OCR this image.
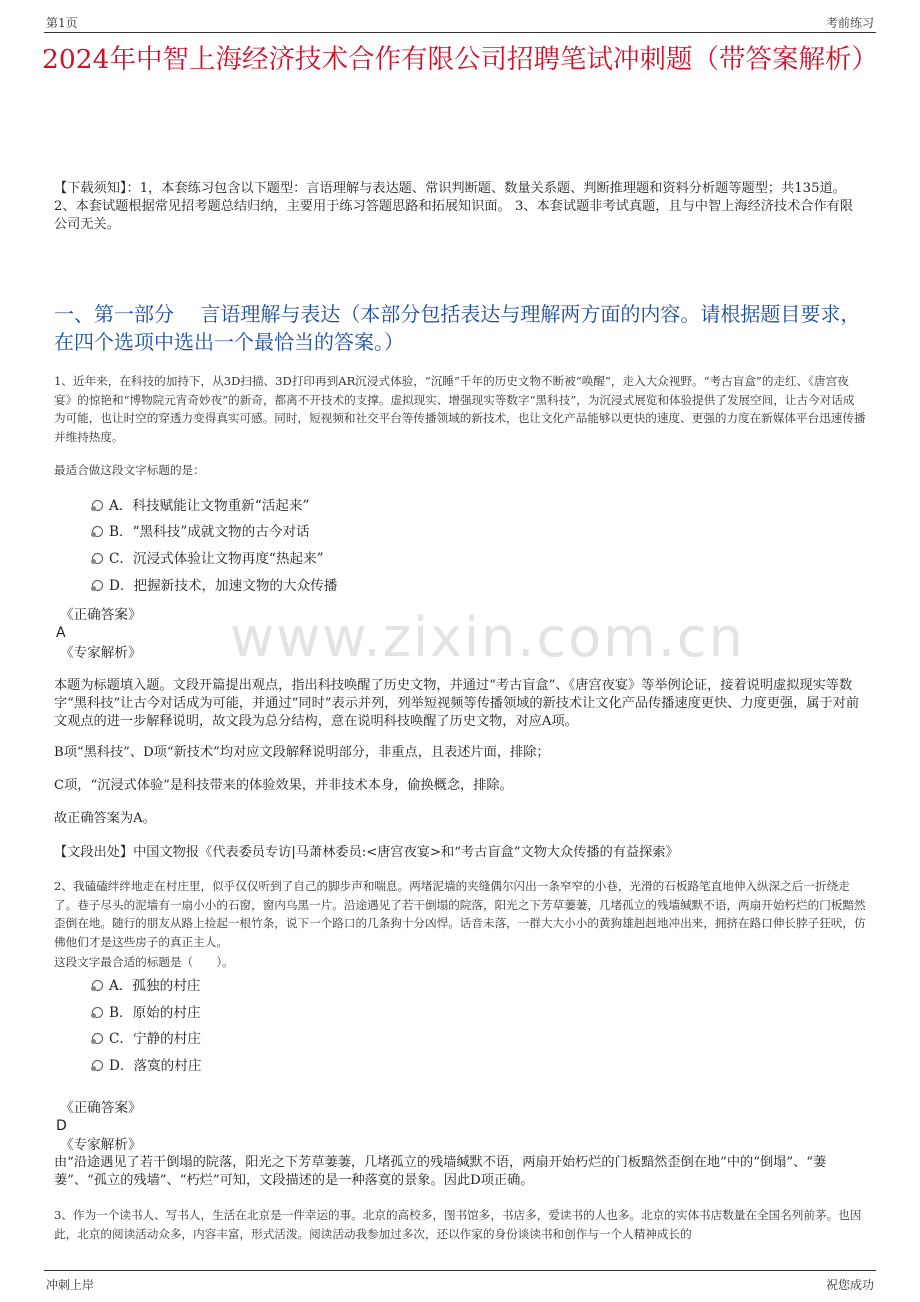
第1页	考前练习
2024年中智上海经济技术合作有限公司招聘笔试冲刺题（带答案解析）
【下载须知】：1，本套练习包含以下题型：言语理解与表达题、常识判断题、数量关系题、判断推理题和资料分析题等题型；共135道。 2、本套试题根据常见招考题总结归纳，主要用于练习答题思路和拓展知识面。 3、本套试题非考试真题，且与中智上海经济技术合作有限公司无关。
一、第一部分　 言语理解与表达（本部分包括表达与理解两方面的内容。请根据题目要求，在四个选项中选出一个最恰当的答案。）
www.zixin.com.cn
1、近年来，在科技的加持下，从3D扫描、3D打印再到AR沉浸式体验，“沉睡”千年的历史文物不断被“唤醒”，走入大众视野。“考古盲盒”的走红、《唐宫夜宴》的惊艳和“博物院元宵奇妙夜”的新奇，都离不开技术的支撑。虚拟现实、增强现实等数字“黑科技”，为沉浸式展览和体验提供了发展空间，让古今对话成为可能，也让时空的穿透力变得真实可感。同时，短视频和社交平台等传播领域的新技术，也让文化产品能够以更快的速度、更强的力度在新媒体平台迅速传播并维持热度。
最适合做这段文字标题的是：
A．科技赋能让文物重新“活起来”
B．“黑科技”成就文物的古今对话
C．沉浸式体验让文物再度“热起来”
D．把握新技术，加速文物的大众传播
《正确答案》
A
《专家解析》
本题为标题填入题。文段开篇提出观点，指出科技唤醒了历史文物，并通过“考古盲盒”、《唐宫夜宴》等举例论证，接着说明虚拟现实等数字“黑科技”让古今对话成为可能，并通过“同时”表示并列，列举短视频等传播领域的新技术让文化产品传播速度更快、力度更强，属于对前文观点的进一步解释说明，故文段为总分结构，意在说明科技唤醒了历史文物，对应A项。
B项“黑科技”、D项“新技术”均对应文段解释说明部分，非重点，且表述片面，排除；
C项，“沉浸式体验”是科技带来的体验效果，并非技术本身，偷换概念，排除。
故正确答案为A。
【文段出处】中国文物报《代表委员专访|马萧林委员:<唐宫夜宴>和“考古盲盒”文物大众传播的有益探索》
2、我磕磕绊绊地走在村庄里，似乎仅仅听到了自己的脚步声和喘息。两堵泥墙的夹缝偶尔闪出一条窄窄的小巷，光滑的石板路笔直地伸入纵深之后一折绕走了。巷子尽头的泥墙有一扇小小的石窗，窗内乌黑一片。沿途遇见了若干倒塌的院落，阳光之下芳草萋萋，几堵孤立的残墙缄默不语，两扇开始朽烂的门板黯然歪倒在地。随行的朋友从路上捡起一根竹条，说下一个路口的几条狗十分凶悍。话音未落，一群大大小小的黄狗雄赳赳地冲出来，拥挤在路口伸长脖子狂吠，仿佛他们才是这些房子的真正主人。
这段文字最合适的标题是（　　）。
A．孤独的村庄
B．原始的村庄
C．宁静的村庄
D．落寞的村庄
《正确答案》
D
《专家解析》
由“沿途遇见了若干倒塌的院落，阳光之下芳草萋萋，几堵孤立的残墙缄默不语，两扇开始朽烂的门板黯然歪倒在地”中的“倒塌”、“萋萋”、“孤立的残墙”、“朽烂”可知，文段描述的是一种落寞的景象。因此D项正确。
3、作为一个读书人、写书人，生活在北京是一件幸运的事。北京的高校多，图书馆多，书店多，爱读书的人也多。北京的实体书店数量在全国名列前茅。也因此，北京的阅读活动众多，内容丰富，形式活泼。阅读活动我参加过多次，还以作家的身份谈读书和创作与一个人精神成长的
冲刺上岸	祝您成功
